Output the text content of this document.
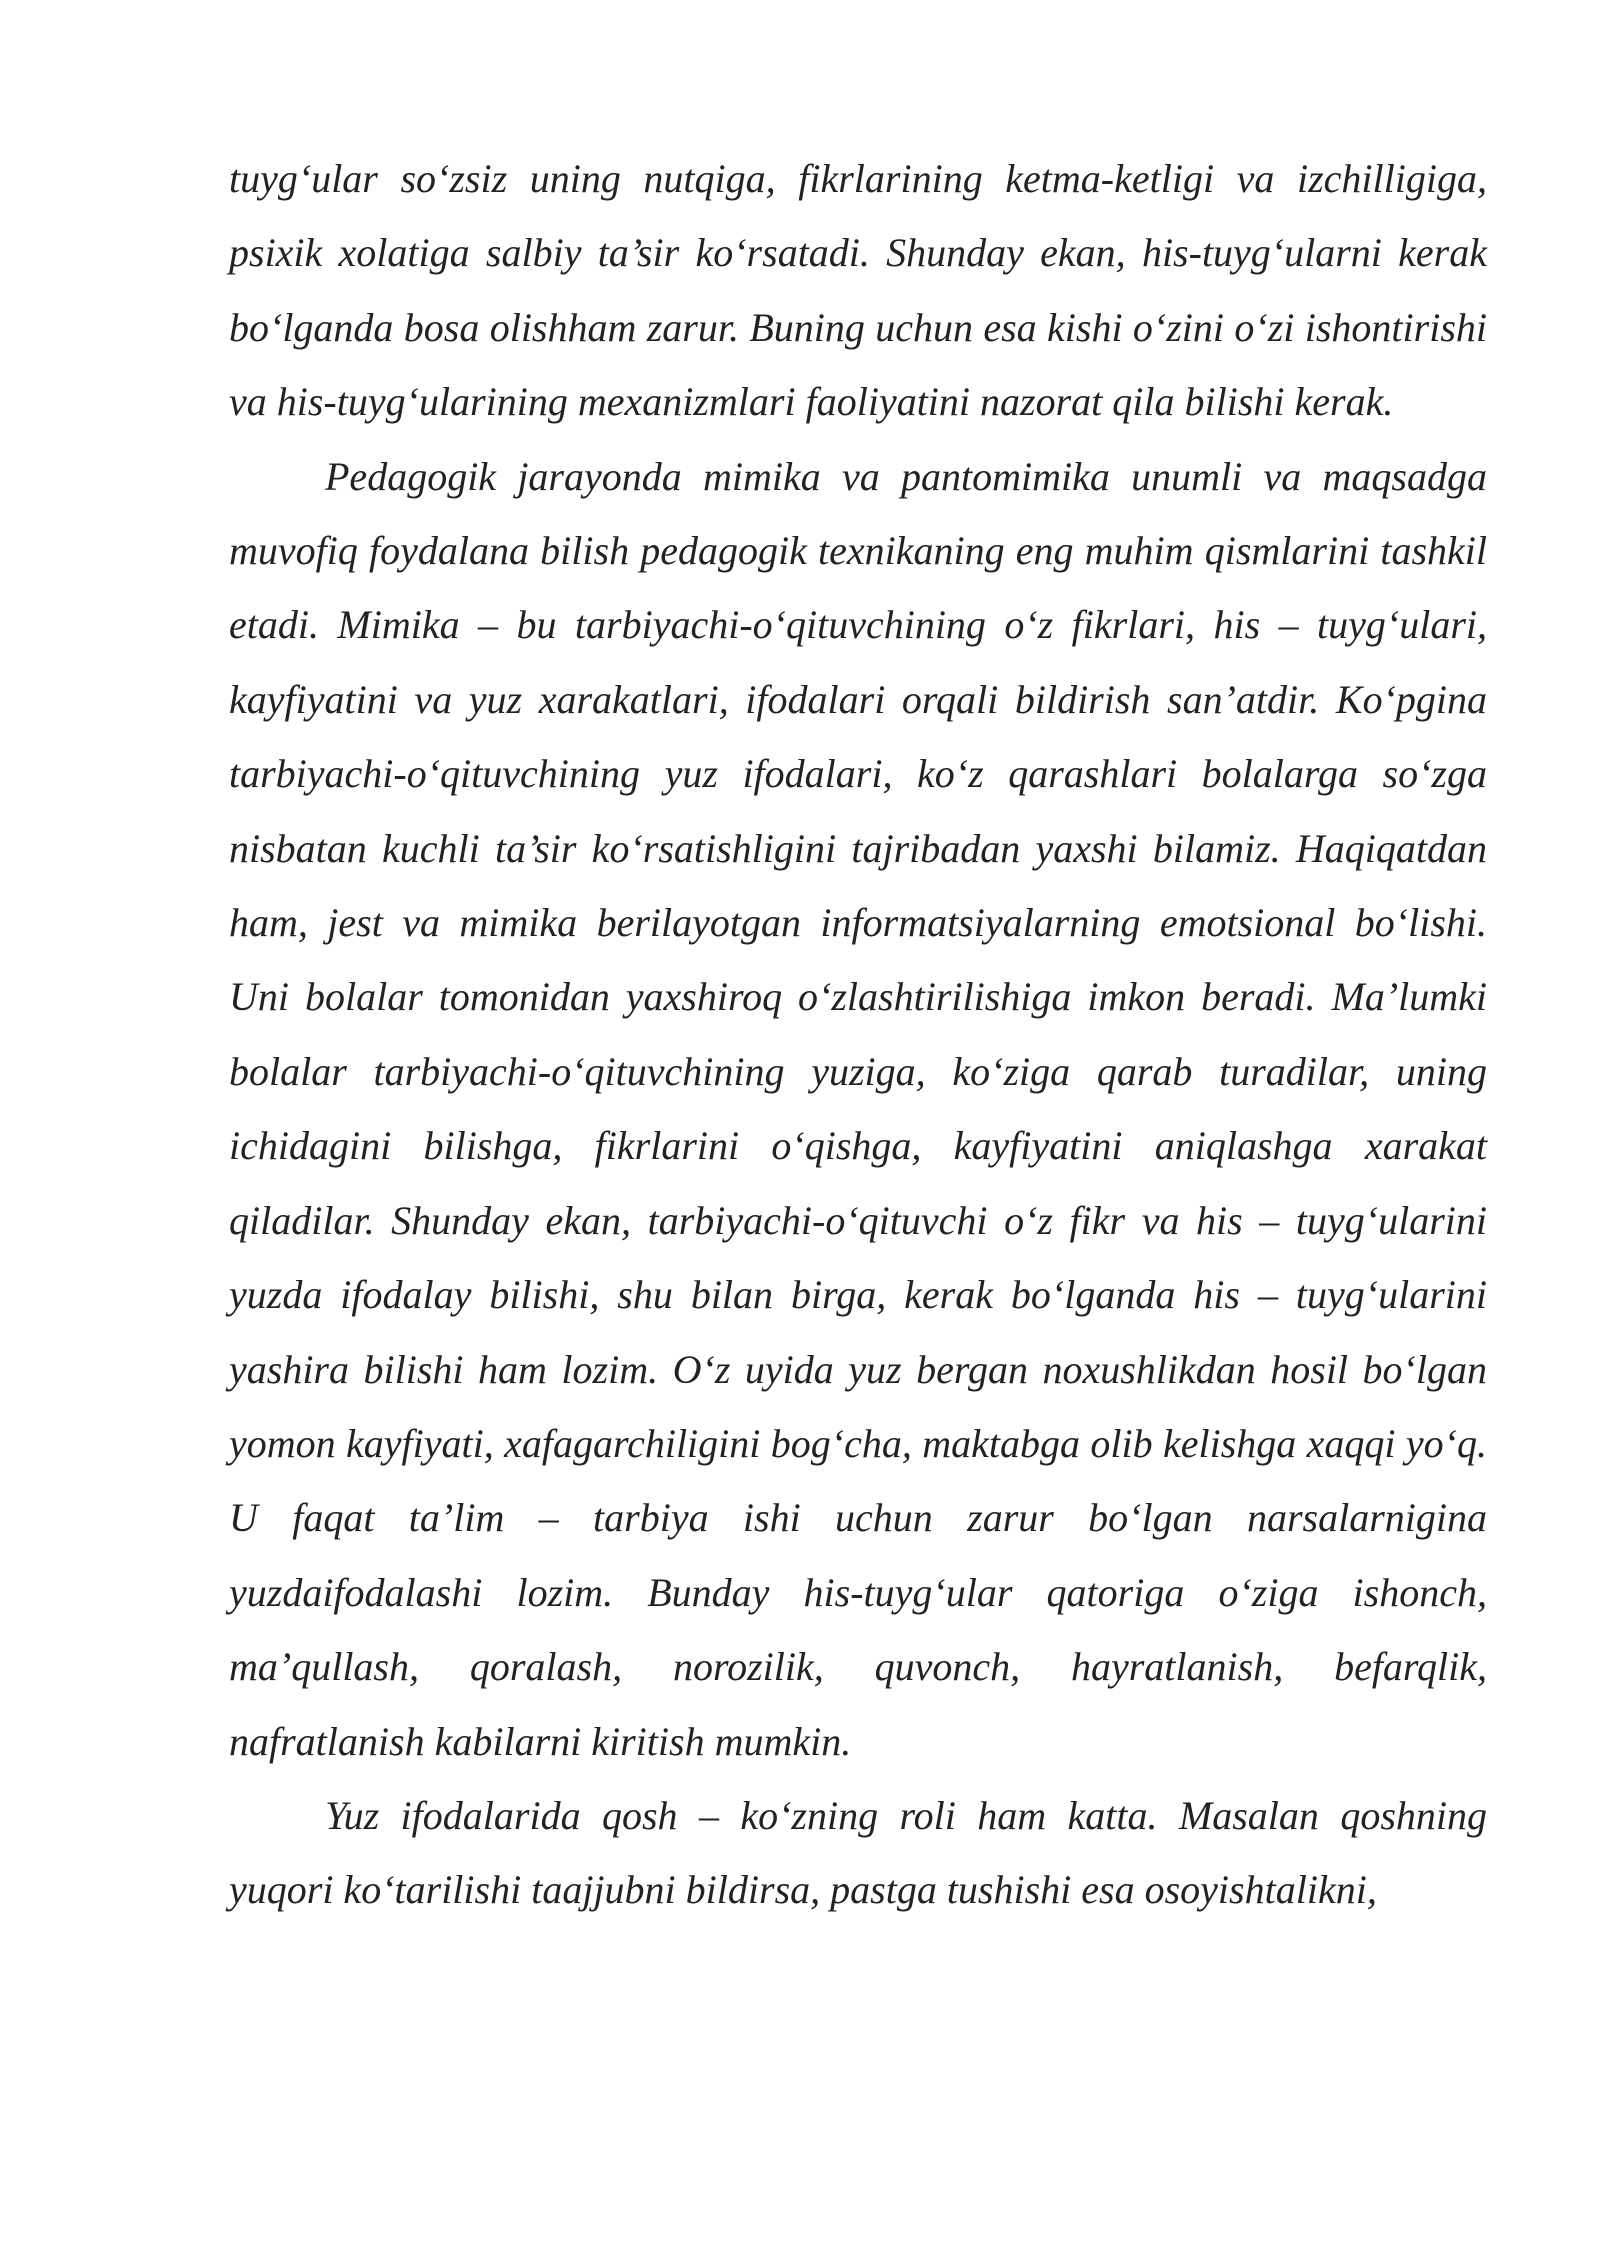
tuyg‘ular so‘zsiz uning nutqiga, fikrlarining ketma-ketligi va izchilligiga, psixik xolatiga salbiy ta’sir ko‘rsatadi. Shunday ekan, his-tuyg‘ularni kerak bo‘lganda bosa olishham zarur. Buning uchun esa kishi o‘zini o‘zi ishontirishi va his-tuyg‘ularining mexanizmlari faoliyatini nazorat qila bilishi kerak.

Pedagogik jarayonda mimika va pantomimika unumli va maqsadga muvofiq foydalana bilish pedagogik texnikaning eng muhim qismlarini tashkil etadi. Mimika – bu tarbiyachi-o‘qituvchining o‘z fikrlari, his – tuyg‘ulari, kayfiyatini va yuz xarakatlari, ifodalari orqali bildirish san’atdir. Ko‘pgina tarbiyachi-o‘qituvchining yuz ifodalari, ko‘z qarashlari bolalarga so‘zga nisbatan kuchli ta’sir ko‘rsatishligini tajribadan yaxshi bilamiz. Haqiqatdan ham, jest va mimika berilayotgan informatsiyalarning emotsional bo‘lishi. Uni bolalar tomonidan yaxshiroq o‘zlashtirilishiga imkon beradi. Ma’lumki bolalar tarbiyachi-o‘qituvchining yuziga, ko‘ziga qarab turadilar, uning ichidagini bilishga, fikrlarini o‘qishga, kayfiyatini aniqlashga xarakat qiladilar. Shunday ekan, tarbiyachi-o‘qituvchi o‘z fikr va his – tuyg‘ularini yuzda ifodalay bilishi, shu bilan birga, kerak bo‘lganda his – tuyg‘ularini yashira bilishi ham lozim. O‘z uyida yuz bergan noxushlikdan hosil bo‘lgan yomon kayfiyati, xafagarchiligini bog‘cha, maktabga olib kelishga xaqqi yo‘q. U faqat ta’lim – tarbiya ishi uchun zarur bo‘lgan narsalarnigina yuzdaifodalashi lozim. Bunday his-tuyg‘ular qatoriga o‘ziga ishonch, ma’qullash, qoralash, norozilik, quvonch, hayratlanish, befarqlik, nafratlanish kabilarni kiritish mumkin.

Yuz ifodalarida qosh – ko‘zning roli ham katta. Masalan qoshning yuqori ko‘tarilishi taajjubni bildirsa, pastga tushishi esa osoyishtalikni,
